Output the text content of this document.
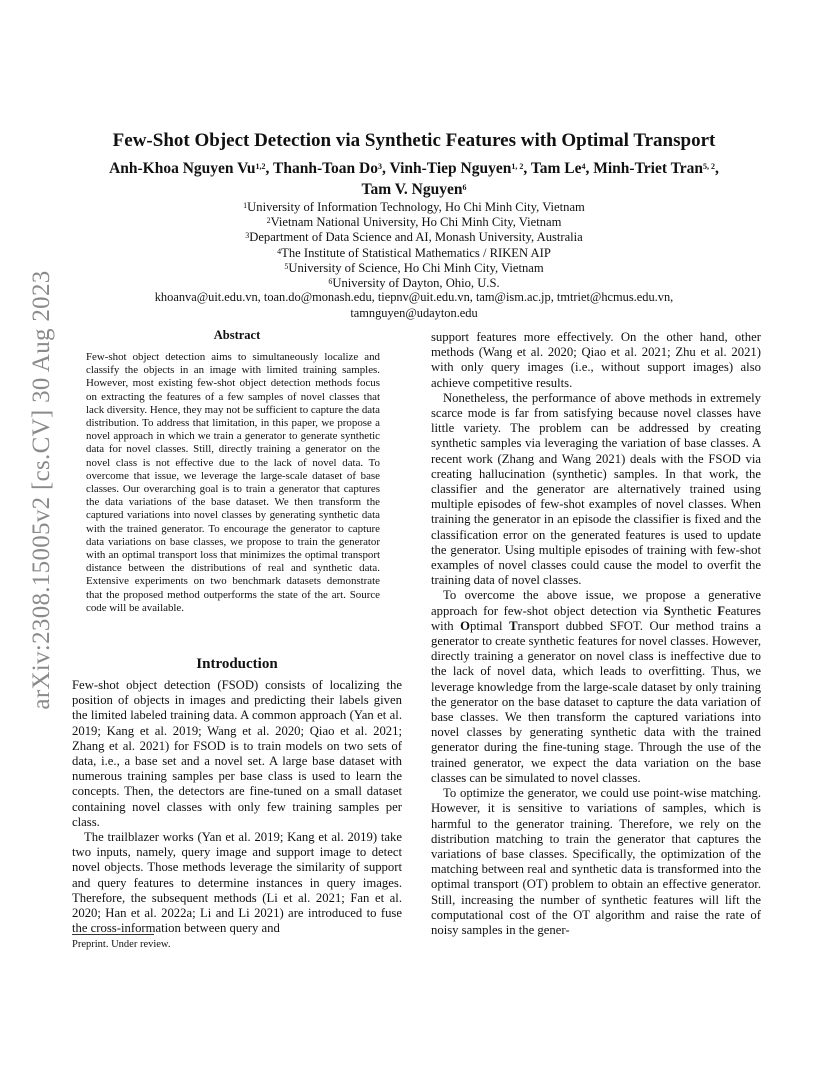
arXiv:2308.15005v2 [cs.CV] 30 Aug 2023
Few-Shot Object Detection via Synthetic Features with Optimal Transport
Anh-Khoa Nguyen Vu$^{1,2}$, Thanh-Toan Do$^3$, Vinh-Tiep Nguyen$^{1, 2}$, Tam Le$^4$, Minh-Triet Tran$^{5, 2}$,
Tam V. Nguyen$^6$
$^1$University of Information Technology, Ho Chi Minh City, Vietnam
$^2$Vietnam National University, Ho Chi Minh City, Vietnam
$^3$Department of Data Science and AI, Monash University, Australia
$^4$The Institute of Statistical Mathematics / RIKEN AIP
$^5$University of Science, Ho Chi Minh City, Vietnam
$^6$University of Dayton, Ohio, U.S.
khoanva@uit.edu.vn, toan.do@monash.edu, tiepnv@uit.edu.vn, tam@ism.ac.jp, tmtriet@hcmus.edu.vn,
tamnguyen@udayton.edu
Abstract
Few-shot object detection aims to simultaneously localize and classify the objects in an image with limited training samples. However, most existing few-shot object detection methods focus on extracting the features of a few samples of novel classes that lack diversity. Hence, they may not be sufficient to capture the data distribution. To address that limitation, in this paper, we propose a novel approach in which we train a generator to generate synthetic data for novel classes. Still, directly training a generator on the novel class is not effective due to the lack of novel data. To overcome that issue, we leverage the large-scale dataset of base classes. Our overarching goal is to train a generator that captures the data variations of the base dataset. We then transform the captured variations into novel classes by generating synthetic data with the trained generator. To encourage the generator to capture data variations on base classes, we propose to train the generator with an optimal transport loss that minimizes the optimal transport distance between the distributions of real and synthetic data. Extensive experiments on two benchmark datasets demonstrate that the proposed method outperforms the state of the art. Source code will be available.
Introduction

Few-shot object detection (FSOD) consists of localizing the position of objects in images and predicting their labels given the limited labeled training data. A common approach (Yan et al. 2019; Kang et al. 2019; Wang et al. 2020; Qiao et al. 2021; Zhang et al. 2021) for FSOD is to train models on two sets of data, i.e., a base set and a novel set. A large base dataset with numerous training samples per base class is used to learn the concepts. Then, the detectors are fine-tuned on a small dataset containing novel classes with only few training samples per class.

The trailblazer works (Yan et al. 2019; Kang et al. 2019) take two inputs, namely, query image and support image to detect novel objects. Those methods leverage the similarity of support and query features to determine instances in query images. Therefore, the subsequent methods (Li et al. 2021; Fan et al. 2020; Han et al. 2022a; Li and Li 2021) are introduced to fuse the cross-information between query and

support features more effectively. On the other hand, other methods (Wang et al. 2020; Qiao et al. 2021; Zhu et al. 2021) with only query images (i.e., without support images) also achieve competitive results.

Nonetheless, the performance of above methods in extremely scarce mode is far from satisfying because novel classes have little variety. The problem can be addressed by creating synthetic samples via leveraging the variation of base classes. A recent work (Zhang and Wang 2021) deals with the FSOD via creating hallucination (synthetic) samples. In that work, the classifier and the generator are alternatively trained using multiple episodes of few-shot examples of novel classes. When training the generator in an episode the classifier is fixed and the classification error on the generated features is used to update the generator. Using multiple episodes of training with few-shot examples of novel classes could cause the model to overfit the training data of novel classes.

To overcome the above issue, we propose a generative approach for few-shot object detection via Synthetic Features with Optimal Transport dubbed SFOT. Our method trains a generator to create synthetic features for novel classes. However, directly training a generator on novel class is ineffective due to the lack of novel data, which leads to overfitting. Thus, we leverage knowledge from the large-scale dataset by only training the generator on the base dataset to capture the data variation of base classes. We then transform the captured variations into novel classes by generating synthetic data with the trained generator during the fine-tuning stage. Through the use of the trained generator, we expect the data variation on the base classes can be simulated to novel classes.

To optimize the generator, we could use point-wise matching. However, it is sensitive to variations of samples, which is harmful to the generator training. Therefore, we rely on the distribution matching to train the generator that captures the variations of base classes. Specifically, the optimization of the matching between real and synthetic data is transformed into the optimal transport (OT) problem to obtain an effective generator. Still, increasing the number of synthetic features will lift the computational cost of the OT algorithm and raise the rate of noisy samples in the gener-

Preprint. Under review.
